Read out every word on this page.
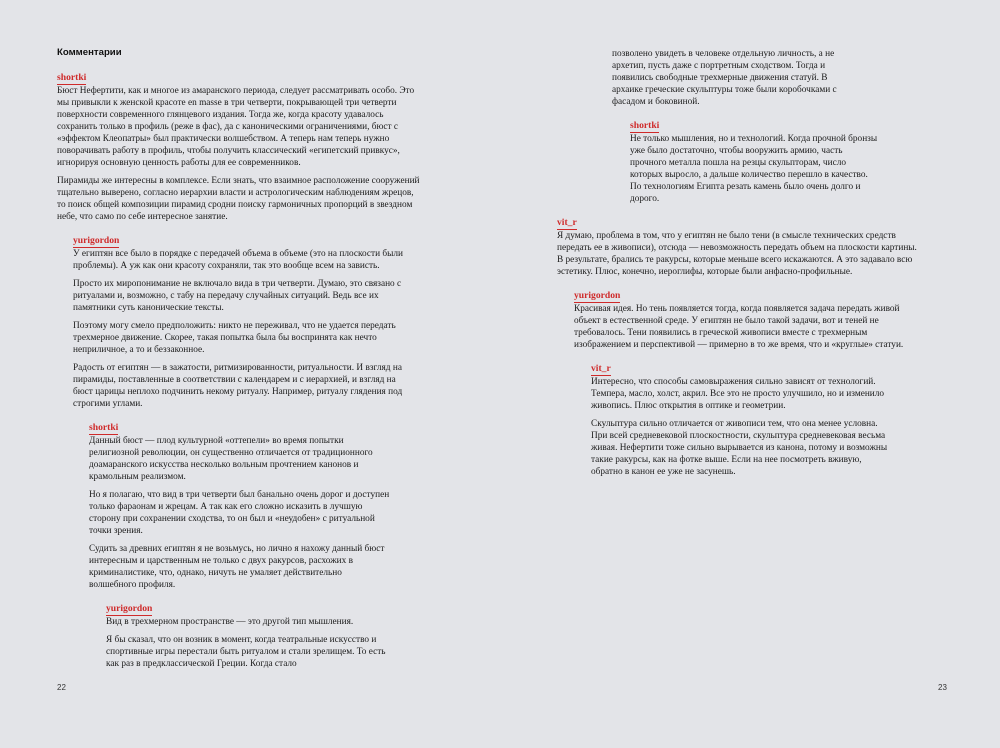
Комментарии
shortki

Бюст Нефертити, как и многое из амаранского периода, следует рассматривать особо. Это мы привыкли к женской красоте en masse в три четверти, покрывающей три четверти поверхности современного глянцевого издания. Тогда же, когда красоту удавалось сохранить только в профиль (реже в фас), да с каноническими ограничениями, бюст с «эффектом Клеопатры» был практически волшебством. А теперь нам теперь нужно поворачивать работу в профиль, чтобы получить классический «египетский привкус», игнорируя основную ценность работы для ее современников.

Пирамиды же интересны в комплексе. Если знать, что взаимное расположение сооружений тщательно выверено, согласно иерархии власти и астрологическим наблюдениям жрецов, то поиск общей композиции пирамид сродни поиску гармоничных пропорций в звездном небе, что само по себе интересное занятие.

yurigordon

У египтян все было в порядке с передачей объема в объеме (это на плоскости были проблемы). А уж как они красоту сохраняли, так это вообще всем на зависть.

Просто их миропонимание не включало вида в три четверти. Думаю, это связано с ритуалами и, возможно, с табу на передачу случайных ситуаций. Ведь все их памятники суть канонические тексты.

Поэтому могу смело предположить: никто не переживал, что не удается передать трехмерное движение. Скорее, такая попытка была бы воспринята как нечто неприличное, а то и беззаконное.

Радость от египтян — в зажатости, ритмизированности, ритуальности. И взгляд на пирамиды, поставленные в соответствии с календарем и с иерархией, и взгляд на бюст царицы неплохо подчинить некому ритуалу. Например, ритуалу глядения под строгими углами.

shortki

Данный бюст — плод культурной «оттепели» во время попытки религиозной революции, он существенно отличается от традиционного доамаранского искусства несколько вольным прочтением канонов и крамольным реализмом.

Но я полагаю, что вид в три четверти был банально очень дорог и доступен только фараонам и жрецам. А так как его сложно исказить в лучшую сторону при сохранении сходства, то он был и «неудобен» с ритуальной точки зрения.

Судить за древних египтян я не возьмусь, но лично я нахожу данный бюст интересным и царственным не только с двух ракурсов, расхожих в криминалистике, что, однако, ничуть не умаляет действительно волшебного профиля.

yurigordon

Вид в трехмерном пространстве — это другой тип мышления.

Я бы сказал, что он возник в момент, когда театральные искусство и спортивные игры перестали быть ритуалом и стали зрелищем. То есть как раз в предклассической Греции. Когда стало

22

позволено увидеть в человеке отдельную личность, а не архетип, пусть даже с портретным сходством. Тогда и появились свободные трехмерные движения статуй. В архаике греческие скульптуры тоже были коробочками с фасадом и боковиной.

shortki

Не только мышления, но и технологий. Когда прочной бронзы уже было достаточно, чтобы вооружить армию, часть прочного металла пошла на резцы скульпторам, число которых выросло, а дальше количество перешло в качество. По технологиям Египта резать камень было очень долго и дорого.

vit_r

Я думаю, проблема в том, что у египтян не было тени (в смысле технических средств передать ее в живописи), отсюда — невозможность передать объем на плоскости картины. В результате, брались те ракурсы, которые меньше всего искажаются. А это задавало всю эстетику. Плюс, конечно, иероглифы, которые были анфасно-профильные.

yurigordon

Красивая идея. Но тень появляется тогда, когда появляется задача передать живой объект в естественной среде. У египтян не было такой задачи, вот и теней не требовалось. Тени появились в греческой живописи вместе с трехмерным изображением и перспективой — примерно в то же время, что и «круглые» статуи.

vit_r

Интересно, что способы самовыражения сильно зависят от технологий. Темпера, масло, холст, акрил. Все это не просто улучшило, но и изменило живопись. Плюс открытия в оптике и геометрии.

Скульптура сильно отличается от живописи тем, что она менее условна. При всей средневековой плоскостности, скульптура средневековая весьма живая. Нефертити тоже сильно вырывается из канона, потому и возможны такие ракурсы, как на фотке выше. Если на нее посмотреть вживую, обратно в канон ее уже не засунешь.

23
